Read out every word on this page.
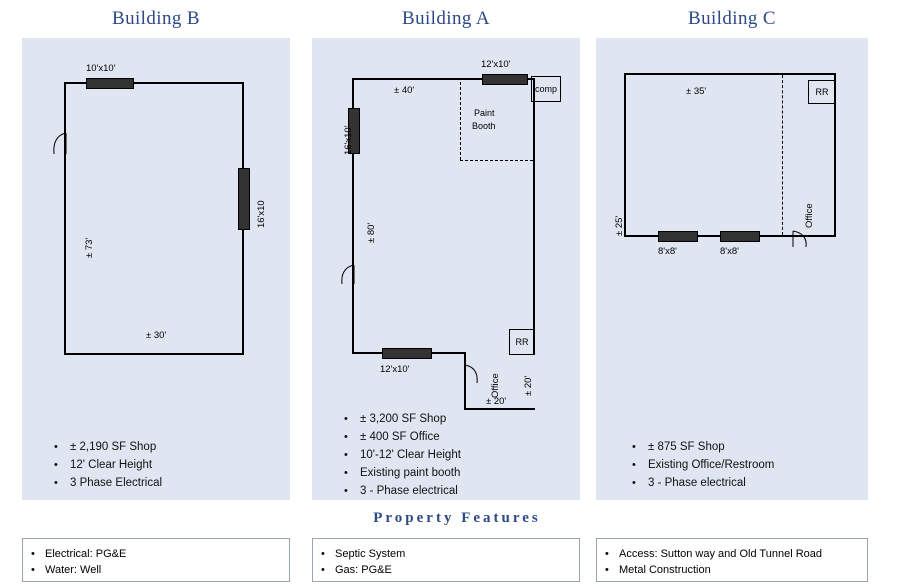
Building B
10'x10'
16'x10
± 73'
± 30'
•	± 2,190 SF Shop
•	12' Clear Height
•	3 Phase Electrical
Building A
Paint
Booth
comp
RR
12'x10'
16'x10'
12'x10'
± 40'
± 80'
Office ± 20'
± 20'
•	± 3,200 SF Shop
•	± 400 SF Office
•	10'-12' Clear Height
•	Existing paint booth
•	3 - Phase electrical
Building C
RR
8'x8'	8'x8'
± 35'
± 25'	Office
•	± 875 SF Shop
•	Existing Office/Restroom
•	3 - Phase electrical
Property Features
• Electrical: PG&E
• Water: Well
• Septic System
• Gas: PG&E
• Access: Sutton way and Old Tunnel Road
• Metal Construction
